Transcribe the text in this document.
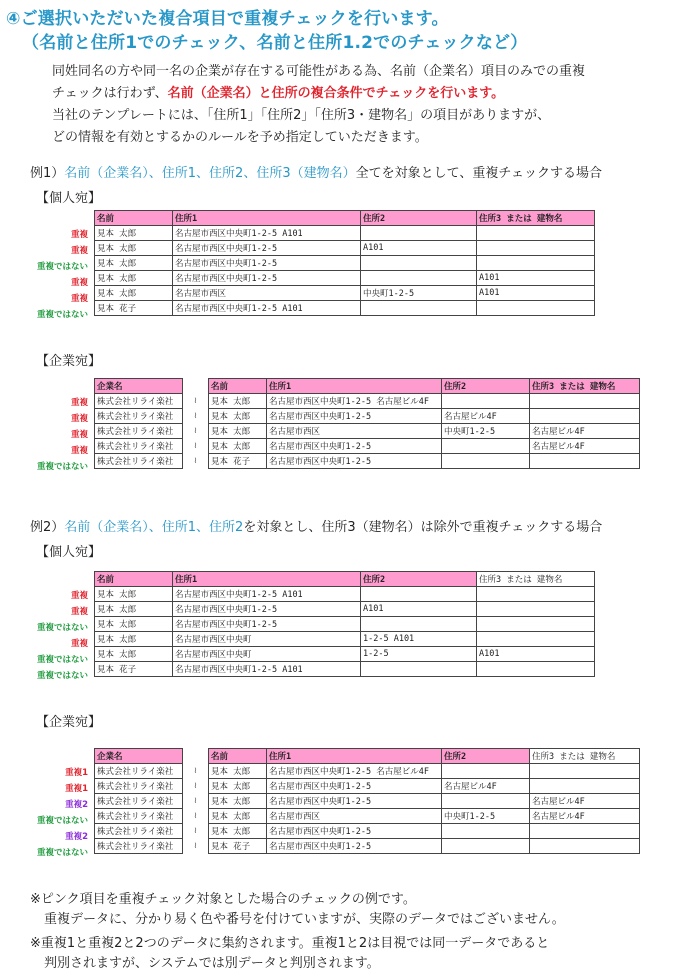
④ご選択いただいた複合項目で重複チェックを行います。
（名前と住所1でのチェック、名前と住所1.2でのチェックなど）
同姓同名の方や同一名の企業が存在する可能性がある為、名前（企業名）項目のみでの重複
チェックは行わず、名前（企業名）と住所の複合条件でチェックを行います。
当社のテンプレートには、「住所1」「住所2」「住所3・建物名」の項目がありますが、
どの情報を有効とするかのルールを予め指定していただきます。
例1）名前（企業名）、住所1、住所2、住所3（建物名）全てを対象として、重複チェックする場合
【個人宛】
重複
重複
重複ではない
重複
重複
重複ではない
名前	住所1	住所2	住所3 または 建物名
見本 太郎	名古屋市西区中央町1-2-5 A101		
見本 太郎	名古屋市西区中央町1-2-5	A101	
見本 太郎	名古屋市西区中央町1-2-5		
見本 太郎	名古屋市西区中央町1-2-5		A101
見本 太郎	名古屋市西区	中央町1-2-5	A101
見本 花子	名古屋市西区中央町1-2-5 A101		
【企業宛】
重複
重複
重複
重複
重複ではない
企業名		名前	住所1	住所2	住所3 または 建物名
株式会社リライ楽社	≀	見本 太郎	名古屋市西区中央町1-2-5 名古屋ビル4F		
株式会社リライ楽社	≀	見本 太郎	名古屋市西区中央町1-2-5	名古屋ビル4F	
株式会社リライ楽社	≀	見本 太郎	名古屋市西区	中央町1-2-5	名古屋ビル4F
株式会社リライ楽社	≀	見本 太郎	名古屋市西区中央町1-2-5		名古屋ビル4F
株式会社リライ楽社	≀	見本 花子	名古屋市西区中央町1-2-5		
例2）名前（企業名）、住所1、住所2を対象とし、住所3（建物名）は除外で重複チェックする場合
【個人宛】
重複
重複
重複ではない
重複
重複ではない
重複ではない
名前	住所1	住所2	住所3 または 建物名
見本 太郎	名古屋市西区中央町1-2-5 A101		
見本 太郎	名古屋市西区中央町1-2-5	A101	
見本 太郎	名古屋市西区中央町1-2-5		
見本 太郎	名古屋市西区中央町	1-2-5 A101	
見本 太郎	名古屋市西区中央町	1-2-5	A101
見本 花子	名古屋市西区中央町1-2-5 A101		
【企業宛】
重複1
重複1
重複2
重複ではない
重複2
重複ではない
企業名		名前	住所1	住所2	住所3 または 建物名
株式会社リライ楽社	≀	見本 太郎	名古屋市西区中央町1-2-5 名古屋ビル4F		
株式会社リライ楽社	≀	見本 太郎	名古屋市西区中央町1-2-5	名古屋ビル4F	
株式会社リライ楽社	≀	見本 太郎	名古屋市西区中央町1-2-5		名古屋ビル4F
株式会社リライ楽社	≀	見本 太郎	名古屋市西区	中央町1-2-5	名古屋ビル4F
株式会社リライ楽社	≀	見本 太郎	名古屋市西区中央町1-2-5		
株式会社リライ楽社	≀	見本 花子	名古屋市西区中央町1-2-5		
※ピンク項目を重複チェック対象とした場合のチェックの例です。
重複データに、分かり易く色や番号を付けていますが、実際のデータではございません。
※重複1と重複2と2つのデータに集約されます。重複1と2は目視では同一データであると
判別されますが、システムでは別データと判別されます。
